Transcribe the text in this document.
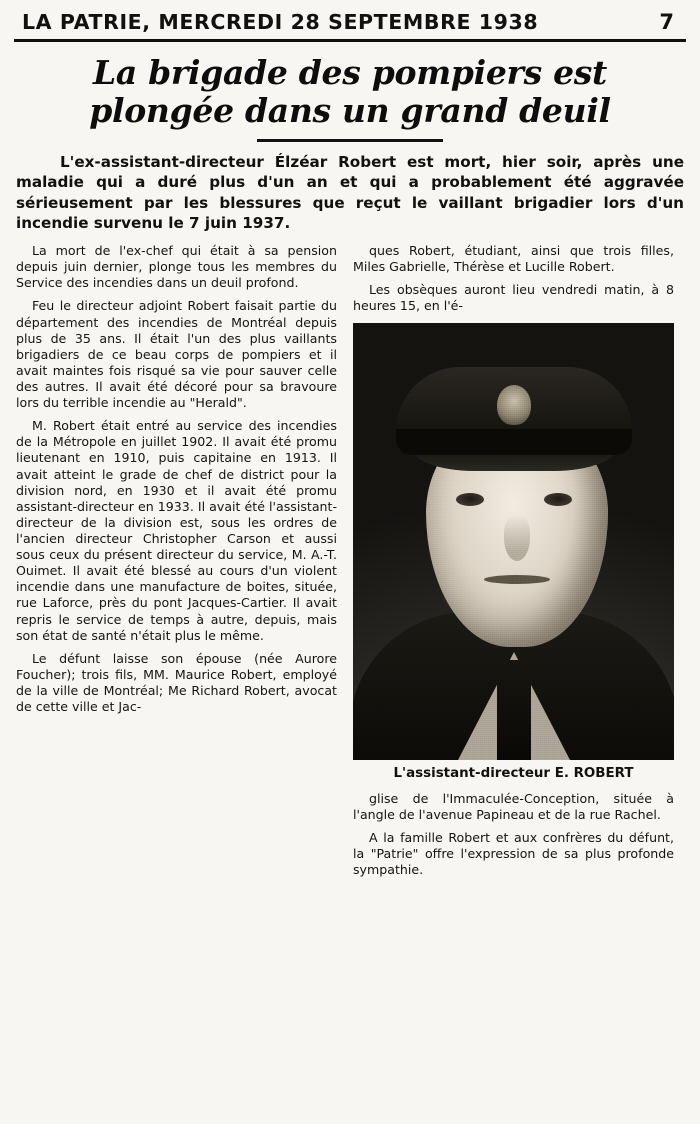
LA PATRIE, MERCREDI 28 SEPTEMBRE 1938	7
La brigade des pompiers est
plongée dans un grand deuil

L'ex-assistant-directeur Élzéar Robert est mort, hier soir, après une maladie qui a duré plus d'un an et qui a probablement été aggravée sérieusement par les blessures que reçut le vaillant brigadier lors d'un incendie survenu le 7 juin 1937.

La mort de l'ex-chef qui était à sa pension depuis juin dernier, plonge tous les membres du Service des incendies dans un deuil profond.

Feu le directeur adjoint Robert faisait partie du département des incendies de Montréal depuis plus de 35 ans. Il était l'un des plus vaillants brigadiers de ce beau corps de pompiers et il avait maintes fois risqué sa vie pour sauver celle des autres. Il avait été décoré pour sa bravoure lors du terrible incendie au "Herald".

M. Robert était entré au service des incendies de la Métropole en juillet 1902. Il avait été promu lieutenant en 1910, puis capitaine en 1913. Il avait atteint le grade de chef de district pour la division nord, en 1930 et il avait été promu assistant-directeur en 1933. Il avait été l'assistant-directeur de la division est, sous les ordres de l'ancien directeur Christopher Carson et aussi sous ceux du présent directeur du service, M. A.-T. Ouimet. Il avait été blessé au cours d'un violent incendie dans une manufacture de boites, située, rue Laforce, près du pont Jacques-Cartier. Il avait repris le service de temps à autre, depuis, mais son état de santé n'était plus le même.

Le défunt laisse son épouse (née Aurore Foucher); trois fils, MM. Maurice Robert, employé de la ville de Montréal; Me Richard Robert, avocat de cette ville et Jac-

ques Robert, étudiant, ainsi que trois filles, Miles Gabrielle, Thérèse et Lucille Robert.

Les obsèques auront lieu vendredi matin, à 8 heures 15, en l'é-

L'assistant-directeur E. ROBERT

glise de l'Immaculée-Conception, située à l'angle de l'avenue Papineau et de la rue Rachel.

A la famille Robert et aux confrères du défunt, la "Patrie" offre l'expression de sa plus profonde sympathie.
